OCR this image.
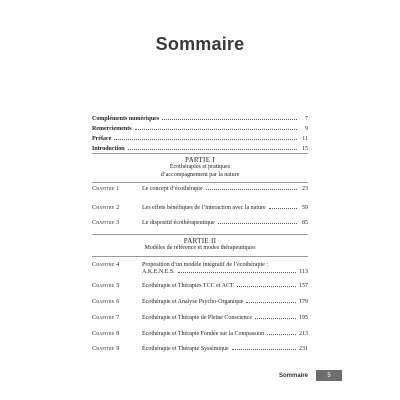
Sommaire
Compléments numériques	7
Remerciements	9
Préface	11
Introduction	15
PARTIE I
Écothérapies et pratiques
d’accompagnement par la nature
Chapitre 1	Le concept d’écothérapie	23
Chapitre 2	Les effets bénéfiques de l’interaction avec la nature	59
Chapitre 3	Le dispositif écothérapeutique	85
PARTIE II
Modèles de référence et modes thérapeutiques
Chapitre 4	Proposition d’un modèle intégratif de l’écothérapie :
A.K.E.N.E.S.	113
Chapitre 5	Écothérapie et Thérapies TCC et ACT	157
Chapitre 6	Écothérapie et Analyse Psycho-Organique	179
Chapitre 7	Écothérapie et Thérapie de Pleine Conscience	195
Chapitre 8	Écothérapie et Thérapie Fondée sur la Compassion	213
Chapitre 9	Écothérapie et Thérapie Systémique	231
Sommaire	5
